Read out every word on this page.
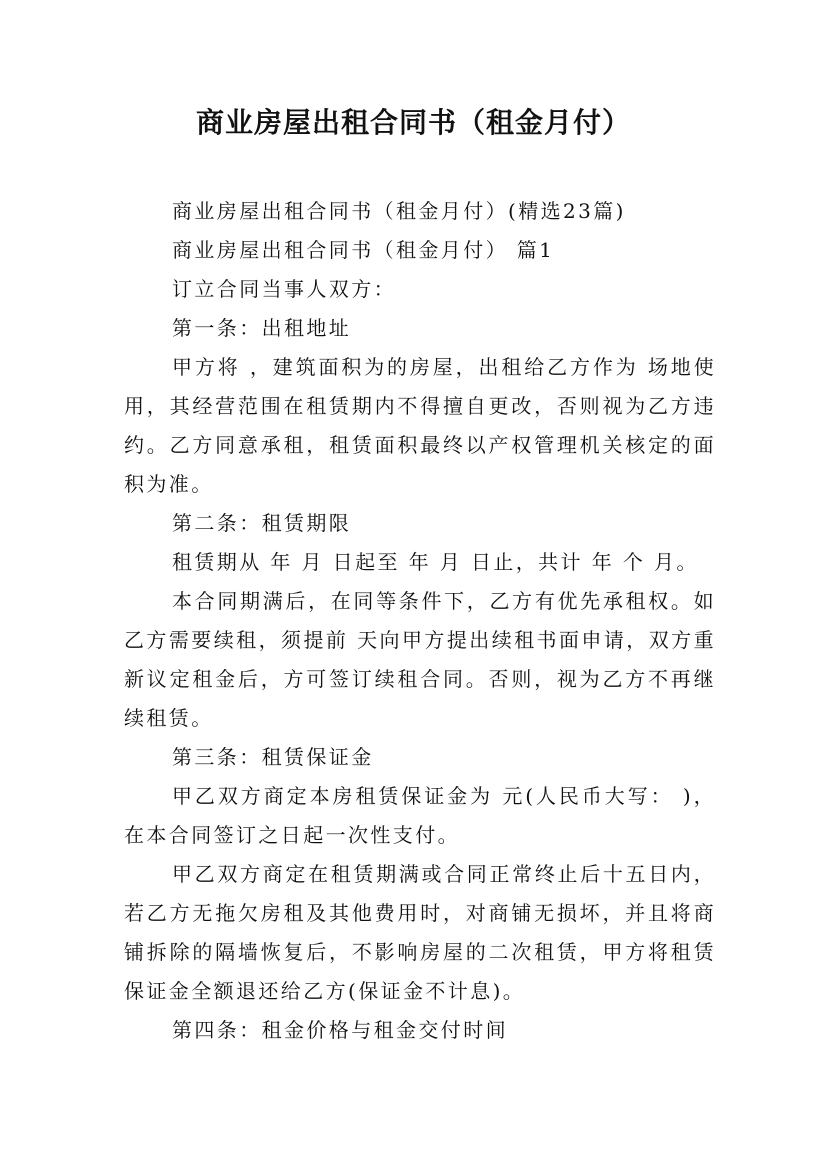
商业房屋出租合同书（租金月付）

商业房屋出租合同书（租金月付）(精选23篇)

商业房屋出租合同书（租金月付） 篇1

订立合同当事人双方：

第一条：出租地址

甲方将 ，建筑面积为的房屋，出租给乙方作为 场地使用，其经营范围在租赁期内不得擅自更改，否则视为乙方违约。乙方同意承租，租赁面积最终以产权管理机关核定的面积为准。

第二条：租赁期限

租赁期从 年 月 日起至 年 月 日止，共计 年 个 月。

本合同期满后，在同等条件下，乙方有优先承租权。如乙方需要续租，须提前 天向甲方提出续租书面申请，双方重新议定租金后，方可签订续租合同。否则，视为乙方不再继续租赁。

第三条：租赁保证金

甲乙双方商定本房租赁保证金为 元(人民币大写： )，在本合同签订之日起一次性支付。

甲乙双方商定在租赁期满或合同正常终止后十五日内，若乙方无拖欠房租及其他费用时，对商铺无损坏，并且将商铺拆除的隔墙恢复后，不影响房屋的二次租赁，甲方将租赁保证金全额退还给乙方(保证金不计息)。

第四条：租金价格与租金交付时间
